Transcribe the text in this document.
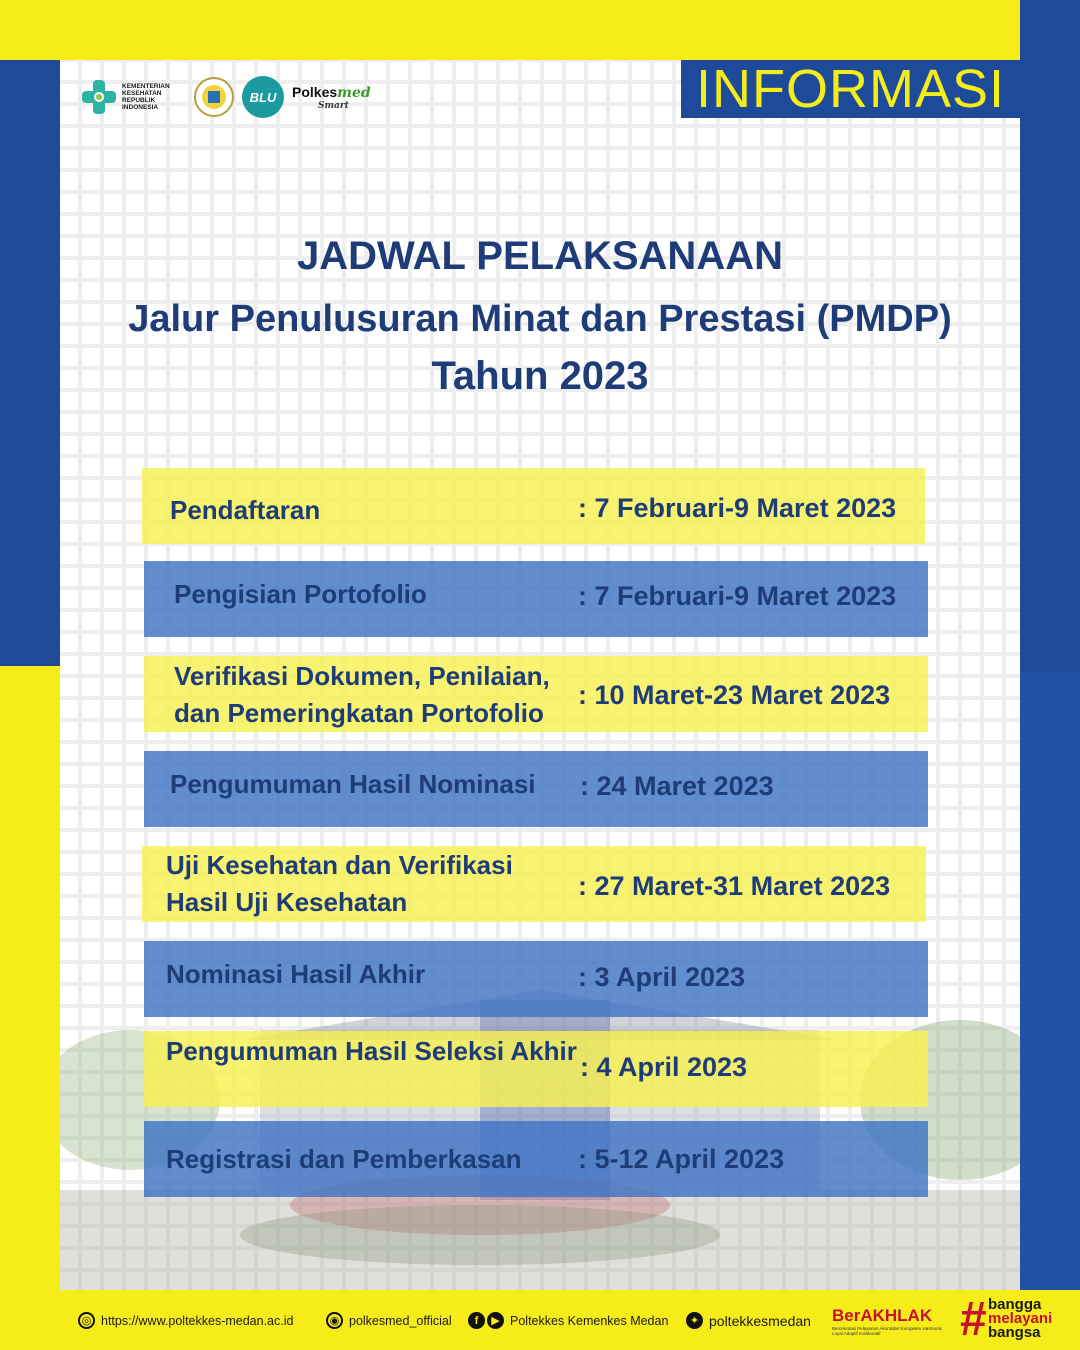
INFORMASI
KEMENTERIAN KESEHATAN REPUBLIK INDONESIA
BLU	Polkesmed
Smart
JADWAL PELAKSANAAN
Jalur Penulusuran Minat dan Prestasi (PMDP)
Tahun 2023
Pendaftaran	: 7 Februari-9 Maret 2023
Pengisian Portofolio	: 7 Februari-9 Maret 2023
Verifikasi Dokumen, Penilaian,
dan Pemeringkatan Portofolio
: 10 Maret-23 Maret 2023
Pengumuman Hasil Nominasi : 24 Maret 2023
Uji Kesehatan dan Verifikasi
Hasil Uji Kesehatan
: 27 Maret-31 Maret 2023
Nominasi Hasil Akhir	: 3 April 2023
Pengumuman Hasil Seleksi Akhir
: 4 April 2023
Registrasi dan Pemberkasan : 5-12 April 2023
◎ https://www.poltekkes-medan.ac.id	◉ polkesmed_official	f	▶ Poltekkes Kemenkes Medan	✦ poltekkesmedan BerAKHLAK
Berorientasi Pelayanan Akuntabel Kompeten Harmonis Loyal Adaptif Kolaboratif	# bangga
melayani
bangsa
